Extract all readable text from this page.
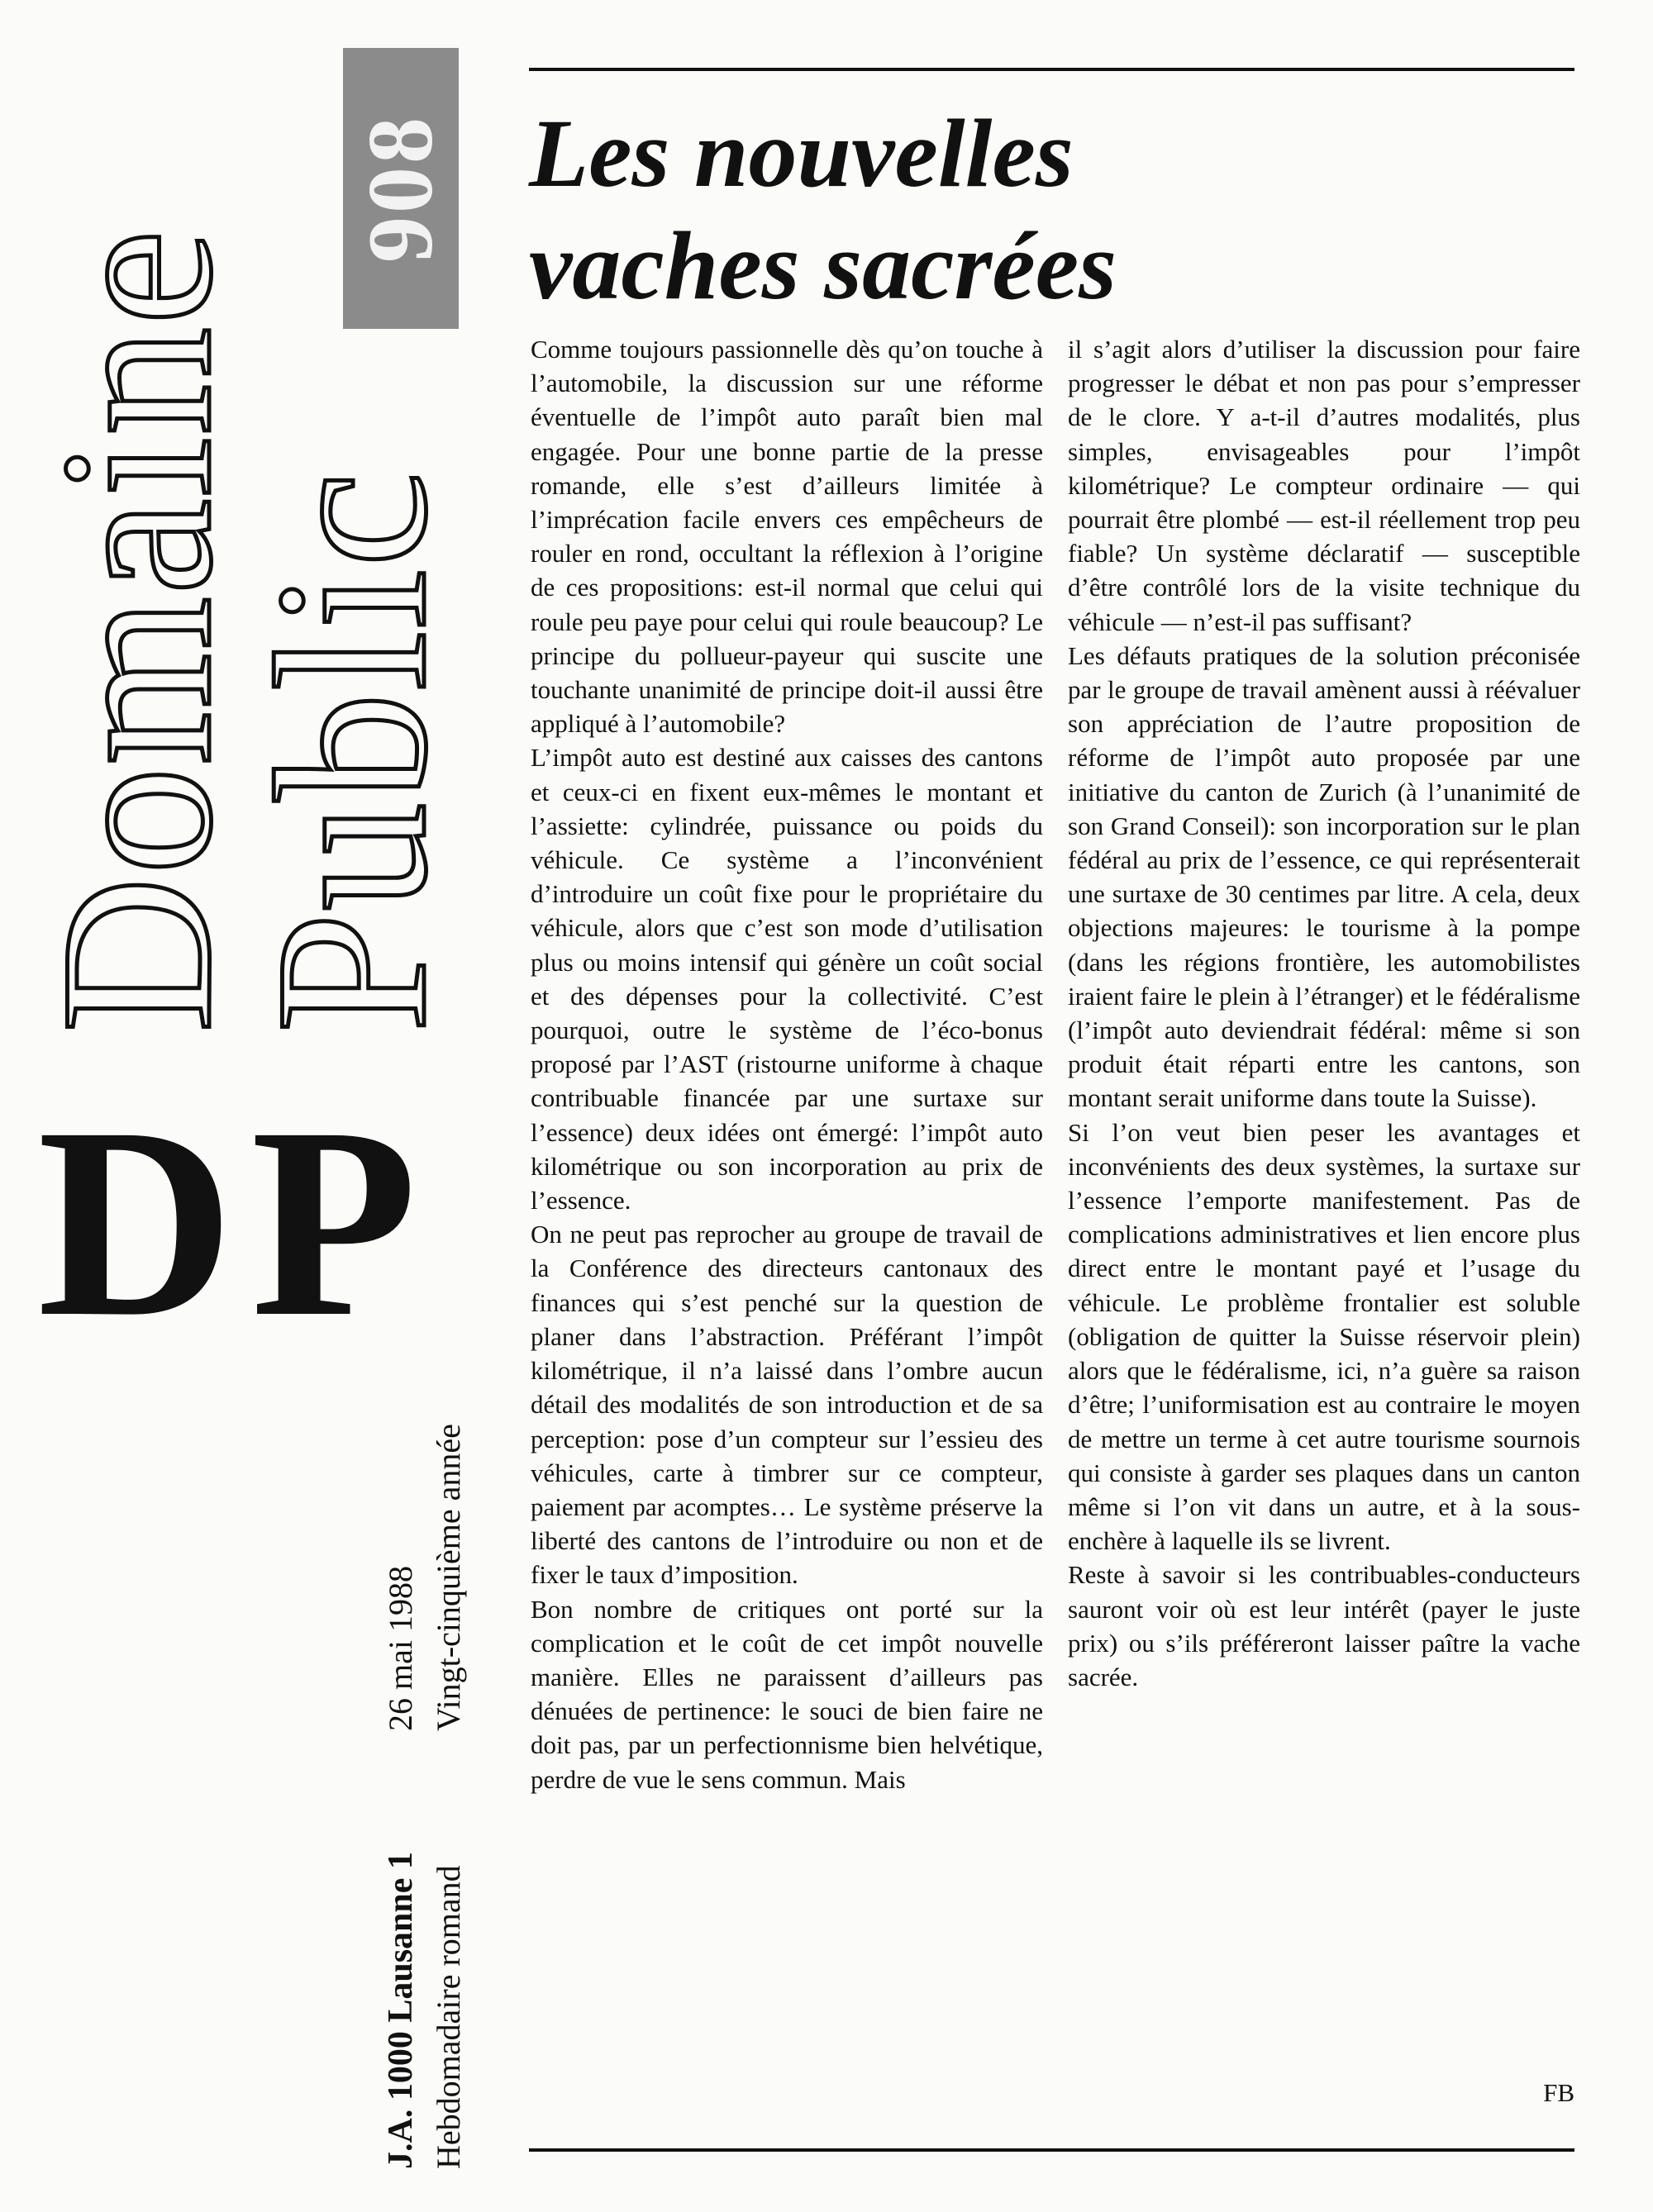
Domaine
Public
908
DP
J.A. 1000 Lausanne 1
26 mai 1988
Hebdomadaire romand
Vingt-cinquième année
Les nouvelles
vaches sacrées

Comme toujours passionnelle dès qu’on touche à l’automobile, la discussion sur une réforme éventuelle de l’impôt auto paraît bien mal engagée. Pour une bonne partie de la presse romande, elle s’est d’ailleurs limitée à l’imprécation facile envers ces empêcheurs de rouler en rond, occultant la réflexion à l’origine de ces propositions: est-il normal que celui qui roule peu paye pour celui qui roule beaucoup? Le principe du pollueur-payeur qui suscite une touchante unanimité de principe doit-il aussi être appliqué à l’automobile?

L’impôt auto est destiné aux caisses des cantons et ceux-ci en fixent eux-mêmes le montant et l’assiette: cylindrée, puissance ou poids du véhicule. Ce système a l’inconvénient d’introduire un coût fixe pour le propriétaire du véhicule, alors que c’est son mode d’utilisation plus ou moins intensif qui génère un coût social et des dépenses pour la collectivité. C’est pourquoi, outre le système de l’éco-bonus proposé par l’AST (ristourne uniforme à chaque contribuable financée par une surtaxe sur l’essence) deux idées ont émergé: l’impôt auto kilométrique ou son incorporation au prix de l’essence.

On ne peut pas reprocher au groupe de travail de la Conférence des directeurs cantonaux des finances qui s’est penché sur la question de planer dans l’abstraction. Préférant l’impôt kilométrique, il n’a laissé dans l’ombre aucun détail des modalités de son introduction et de sa perception: pose d’un compteur sur l’essieu des véhicules, carte à timbrer sur ce compteur, paiement par acomptes… Le système préserve la liberté des cantons de l’introduire ou non et de fixer le taux d’imposition.

Bon nombre de critiques ont porté sur la complication et le coût de cet impôt nouvelle manière. Elles ne paraissent d’ailleurs pas dénuées de pertinence: le souci de bien faire ne doit pas, par un perfectionnisme bien helvétique, perdre de vue le sens commun. Mais

il s’agit alors d’utiliser la discussion pour faire progresser le débat et non pas pour s’empresser de le clore. Y a-t-il d’autres modalités, plus simples, envisageables pour l’impôt kilométrique? Le compteur ordinaire — qui pourrait être plombé — est-il réellement trop peu fiable? Un système déclaratif — susceptible d’être contrôlé lors de la visite technique du véhicule — n’est-il pas suffisant?

Les défauts pratiques de la solution préconisée par le groupe de travail amènent aussi à réévaluer son appréciation de l’autre proposition de réforme de l’impôt auto proposée par une initiative du canton de Zurich (à l’unanimité de son Grand Conseil): son incorporation sur le plan fédéral au prix de l’essence, ce qui représenterait une surtaxe de 30 centimes par litre. A cela, deux objections majeures: le tourisme à la pompe (dans les régions frontière, les automobilistes iraient faire le plein à l’étranger) et le fédéralisme (l’impôt auto deviendrait fédéral: même si son produit était réparti entre les cantons, son montant serait uniforme dans toute la Suisse).

Si l’on veut bien peser les avantages et inconvénients des deux systèmes, la surtaxe sur l’essence l’emporte manifestement. Pas de complications administratives et lien encore plus direct entre le montant payé et l’usage du véhicule. Le problème frontalier est soluble (obligation de quitter la Suisse réservoir plein) alors que le fédéralisme, ici, n’a guère sa raison d’être; l’uniformisation est au contraire le moyen de mettre un terme à cet autre tourisme sournois qui consiste à garder ses plaques dans un canton même si l’on vit dans un autre, et à la sous-enchère à laquelle ils se livrent.

Reste à savoir si les contribuables-conducteurs sauront voir où est leur intérêt (payer le juste prix) ou s’ils préféreront laisser paître la vache sacrée.

FB
